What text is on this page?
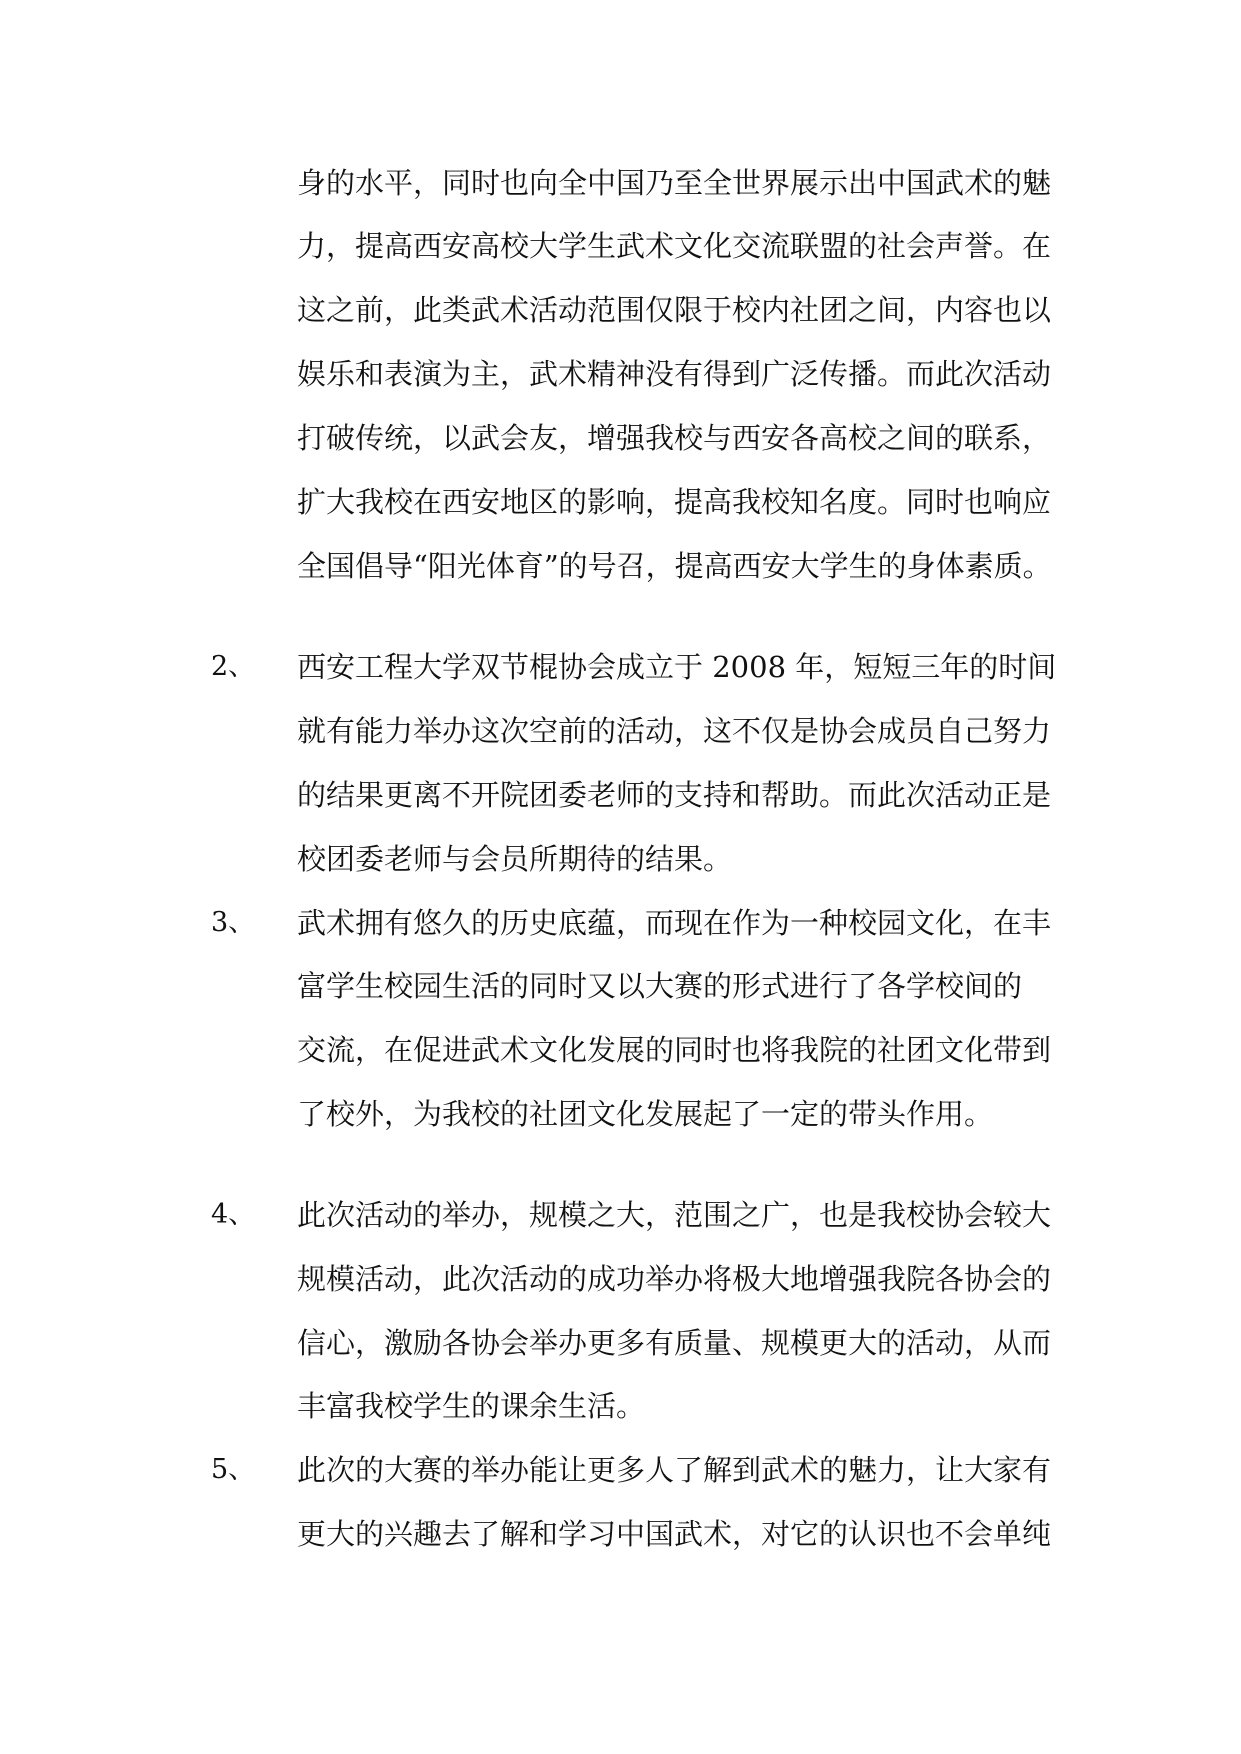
身的水平，同时也向全中国乃至全世界展示出中国武术的魅
力，提高西安高校大学生武术文化交流联盟的社会声誉。在
这之前，此类武术活动范围仅限于校内社团之间，内容也以
娱乐和表演为主，武术精神没有得到广泛传播。而此次活动
打破传统，以武会友，增强我校与西安各高校之间的联系，
扩大我校在西安地区的影响，提高我校知名度。同时也响应
全国倡导“阳光体育”的号召，提高西安大学生的身体素质。
2、 西安工程大学双节棍协会成立于 2008 年，短短三年的时间
就有能力举办这次空前的活动，这不仅是协会成员自己努力
的结果更离不开院团委老师的支持和帮助。而此次活动正是
校团委老师与会员所期待的结果。
3、 武术拥有悠久的历史底蕴，而现在作为一种校园文化，在丰
富学生校园生活的同时又以大赛的形式进行了各学校间的
交流，在促进武术文化发展的同时也将我院的社团文化带到
了校外，为我校的社团文化发展起了一定的带头作用。
4、 此次活动的举办，规模之大，范围之广，也是我校协会较大
规模活动，此次活动的成功举办将极大地增强我院各协会的
信心，激励各协会举办更多有质量、规模更大的活动，从而
丰富我校学生的课余生活。
5、 此次的大赛的举办能让更多人了解到武术的魅力，让大家有
更大的兴趣去了解和学习中国武术，对它的认识也不会单纯
